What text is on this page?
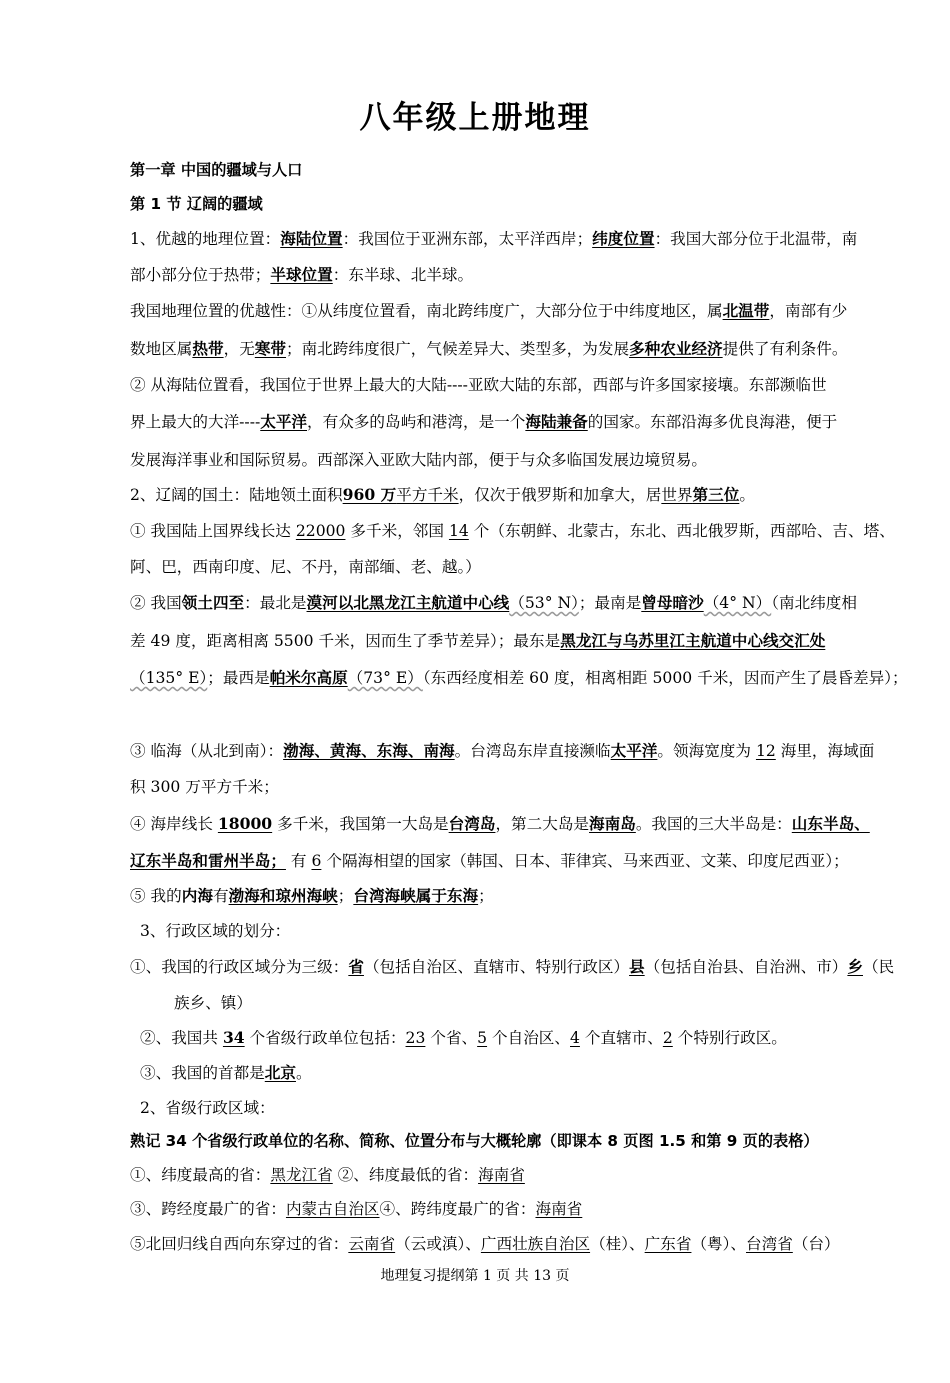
八年级上册地理
第一章 中国的疆域与人口
第 1 节 辽阔的疆域
1、优越的地理位置：海陆位置：我国位于亚洲东部，太平洋西岸；纬度位置：我国大部分位于北温带，南
部小部分位于热带；半球位置：东半球、北半球。
我国地理位置的优越性：①从纬度位置看，南北跨纬度广，大部分位于中纬度地区，属北温带，南部有少
数地区属热带，无寒带；南北跨纬度很广，气候差异大、类型多，为发展多种农业经济提供了有利条件。
② 从海陆位置看，我国位于世界上最大的大陆----亚欧大陆的东部，西部与许多国家接壤。东部濒临世
界上最大的大洋----太平洋，有众多的岛屿和港湾，是一个海陆兼备的国家。东部沿海多优良海港，便于
发展海洋事业和国际贸易。西部深入亚欧大陆内部，便于与众多临国发展边境贸易。
2、辽阔的国土：陆地领土面积960 万平方千米，仅次于俄罗斯和加拿大，居世界第三位。
① 我国陆上国界线长达 22000 多千米，邻国 14 个（东朝鲜、北蒙古，东北、西北俄罗斯，西部哈、吉、塔、
阿、巴，西南印度、尼、不丹，南部缅、老、越。）
② 我国领土四至：最北是漠河以北黑龙江主航道中心线（53° N）；最南是曾母暗沙（4° N）（南北纬度相
差 49 度，距离相离 5500 千米，因而生了季节差异）；最东是黑龙江与乌苏里江主航道中心线交汇处
（135° E）；最西是帕米尔高原（73° E）（东西经度相差 60 度，相离相距 5000 千米，因而产生了晨昏差异）；
③ 临海（从北到南）：渤海、黄海、东海、南海。台湾岛东岸直接濒临太平洋。领海宽度为 12 海里，海域面
积 300 万平方千米；
④ 海岸线长 18000 多千米，我国第一大岛是台湾岛，第二大岛是海南岛。我国的三大半岛是：山东半岛、
辽东半岛和雷州半岛； 有 6 个隔海相望的国家（韩国、日本、菲律宾、马来西亚、文莱、印度尼西亚）；
⑤ 我的内海有渤海和琼州海峡；台湾海峡属于东海；
3、行政区域的划分：
①、我国的行政区域分为三级：省（包括自治区、直辖市、特别行政区）县（包括自治县、自治洲、市）乡（民
族乡、镇）
②、我国共 34 个省级行政单位包括：23 个省、5 个自治区、4 个直辖市、2 个特别行政区。
③、我国的首都是北京。
2、省级行政区域：
熟记 34 个省级行政单位的名称、简称、位置分布与大概轮廓（即课本 8 页图 1.5 和第 9 页的表格）
①、纬度最高的省：黑龙江省 ②、纬度最低的省：海南省
③、跨经度最广的省：内蒙古自治区④、跨纬度最广的省：海南省
⑤北回归线自西向东穿过的省：云南省（云或滇）、广西壮族自治区（桂）、广东省（粤）、台湾省（台）
地理复习提纲第 1 页 共 13 页
